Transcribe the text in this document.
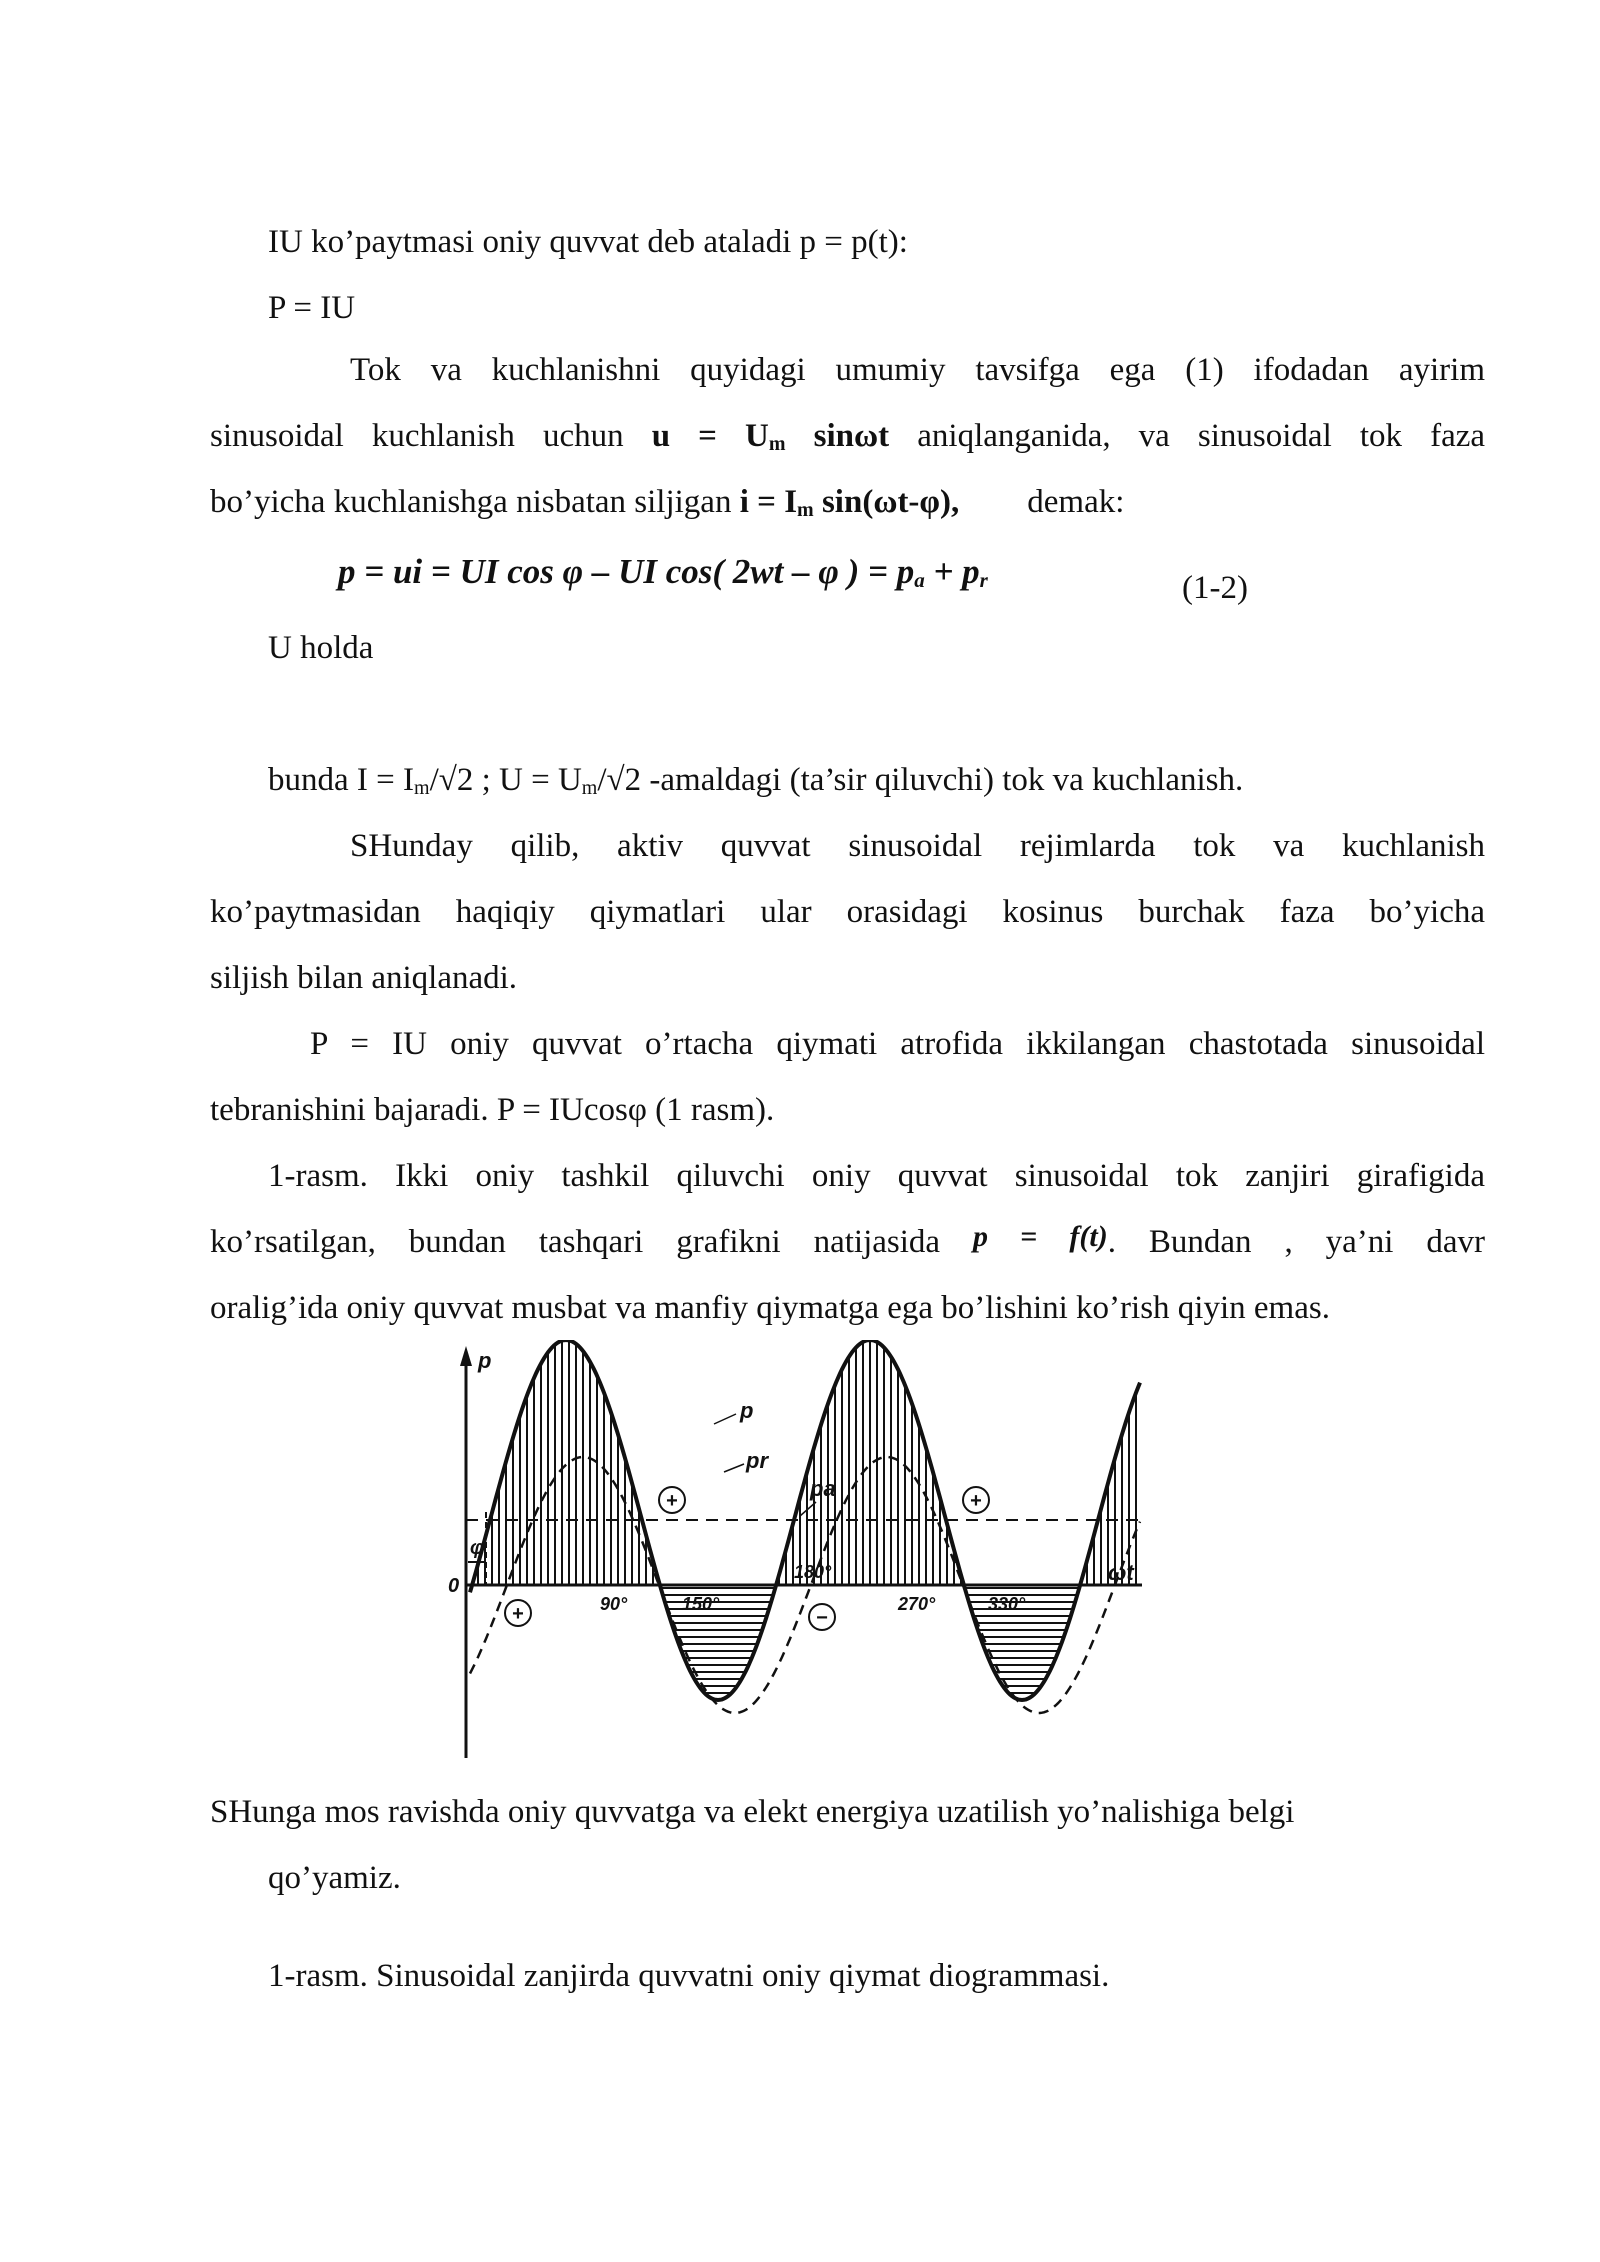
IU ko’paytmasi oniy quvvat deb ataladi p = p(t):
P = IU
Tok va kuchlanishni quyidagi umumiy tavsifga ega (1) ifodadan ayirim
sinusoidal kuchlanish uchun $u = U_m$ sinωt aniqlanganida, va sinusoidal tok faza
bo’yicha kuchlanishga nisbatan siljigan $i = I_m$ sin(ωt-φ), demak:
p = ui = UI cos φ – UI cos( 2wt – φ ) = $p_a + p_r$	(1-2)
U holda
bunda $I = I_m/√2$ ; $U = U_m/√2$ -amaldagi (ta’sir qiluvchi) tok va kuchlanish.
SHunday qilib, aktiv quvvat sinusoidal rejimlarda tok va kuchlanish
ko’paytmasidan haqiqiy qiymatlari ular orasidagi kosinus burchak faza bo’yicha
siljish bilan aniqlanadi.
P = IU oniy quvvat o’rtacha qiymati atrofida ikkilangan chastotada sinusoidal
tebranishini bajaradi. P = IUcosφ (1 rasm).
1-rasm. Ikki oniy tashkil qiluvchi oniy quvvat sinusoidal tok zanjiri girafigida
ko’rsatilgan, bundan tashqari grafikni natijasida p = f(t). Bundan , ya’ni davr
oralig’ida oniy quvvat musbat va manfiy qiymatga ega bo’lishini ko’rish qiyin emas.
+	+
+	−
p
p
pr
pa
φ
0
ωt
90°	150°
180°
270°	330°
SHunga mos ravishda oniy quvvatga va elekt energiya uzatilish yo’nalishiga belgi
qo’yamiz.
1-rasm. Sinusoidal zanjirda quvvatni oniy qiymat diogrammasi.
